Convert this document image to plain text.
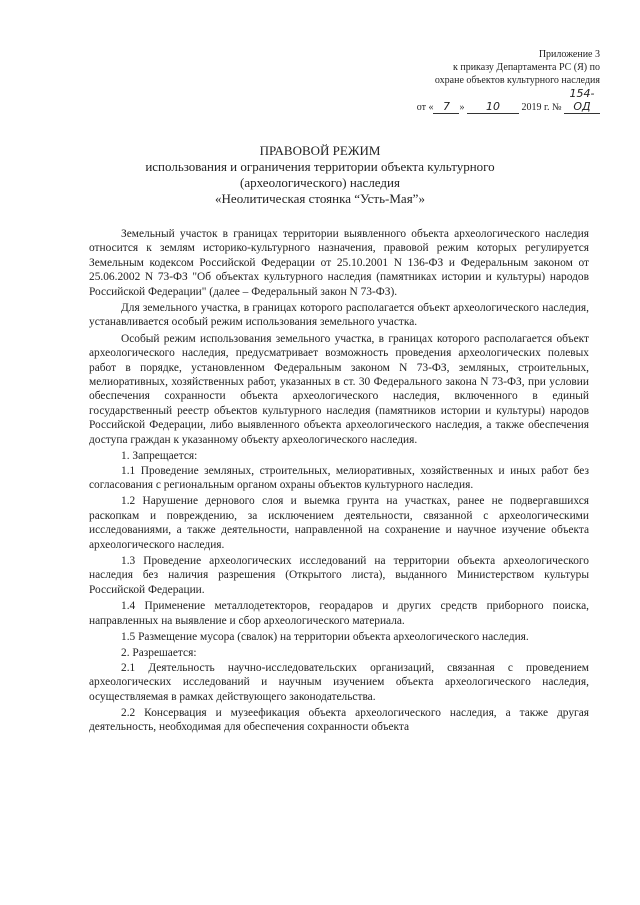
Приложение 3
к приказу Департамента РС (Я) по
охране объектов культурного наследия
от « 7 » 10 2019 г. № 154-ОД
ПРАВОВОЙ РЕЖИМ
использования и ограничения территории объекта культурного
(археологического) наследия
«Неолитическая стоянка “Усть-Мая”»

Земельный участок в границах территории выявленного объекта археологического наследия относится к землям историко-культурного назначения, правовой режим которых регулируется Земельным кодексом Российской Федерации от 25.10.2001 N 136-ФЗ и Федеральным законом от 25.06.2002 N 73-ФЗ "Об объектах культурного наследия (памятниках истории и культуры) народов Российской Федерации" (далее – Федеральный закон N 73-ФЗ).

Для земельного участка, в границах которого располагается объект археологического наследия, устанавливается особый режим использования земельного участка.

Особый режим использования земельного участка, в границах которого располагается объект археологического наследия, предусматривает возможность проведения археологических полевых работ в порядке, установленном Федеральным законом N 73-ФЗ, земляных, строительных, мелиоративных, хозяйственных работ, указанных в ст. 30 Федерального закона N 73-ФЗ, при условии обеспечения сохранности объекта археологического наследия, включенного в единый государственный реестр объектов культурного наследия (памятников истории и культуры) народов Российской Федерации, либо выявленного объекта археологического наследия, а также обеспечения доступа граждан к указанному объекту археологического наследия.

1. Запрещается:

1.1 Проведение земляных, строительных, мелиоративных, хозяйственных и иных работ без согласования с региональным органом охраны объектов культурного наследия.

1.2 Нарушение дернового слоя и выемка грунта на участках, ранее не подвергавшихся раскопкам и повреждению, за исключением деятельности, связанной с археологическими исследованиями, а также деятельности, направленной на сохранение и научное изучение объекта археологического наследия.

1.3 Проведение археологических исследований на территории объекта археологического наследия без наличия разрешения (Открытого листа), выданного Министерством культуры Российской Федерации.

1.4 Применение металлодетекторов, георадаров и других средств приборного поиска, направленных на выявление и сбор археологического материала.

1.5 Размещение мусора (свалок) на территории объекта археологического наследия.

2. Разрешается:

2.1 Деятельность научно-исследовательских организаций, связанная с проведением археологических исследований и научным изучением объекта археологического наследия, осуществляемая в рамках действующего законодательства.

2.2 Консервация и музеефикация объекта археологического наследия, а также другая деятельность, необходимая для обеспечения сохранности объекта
